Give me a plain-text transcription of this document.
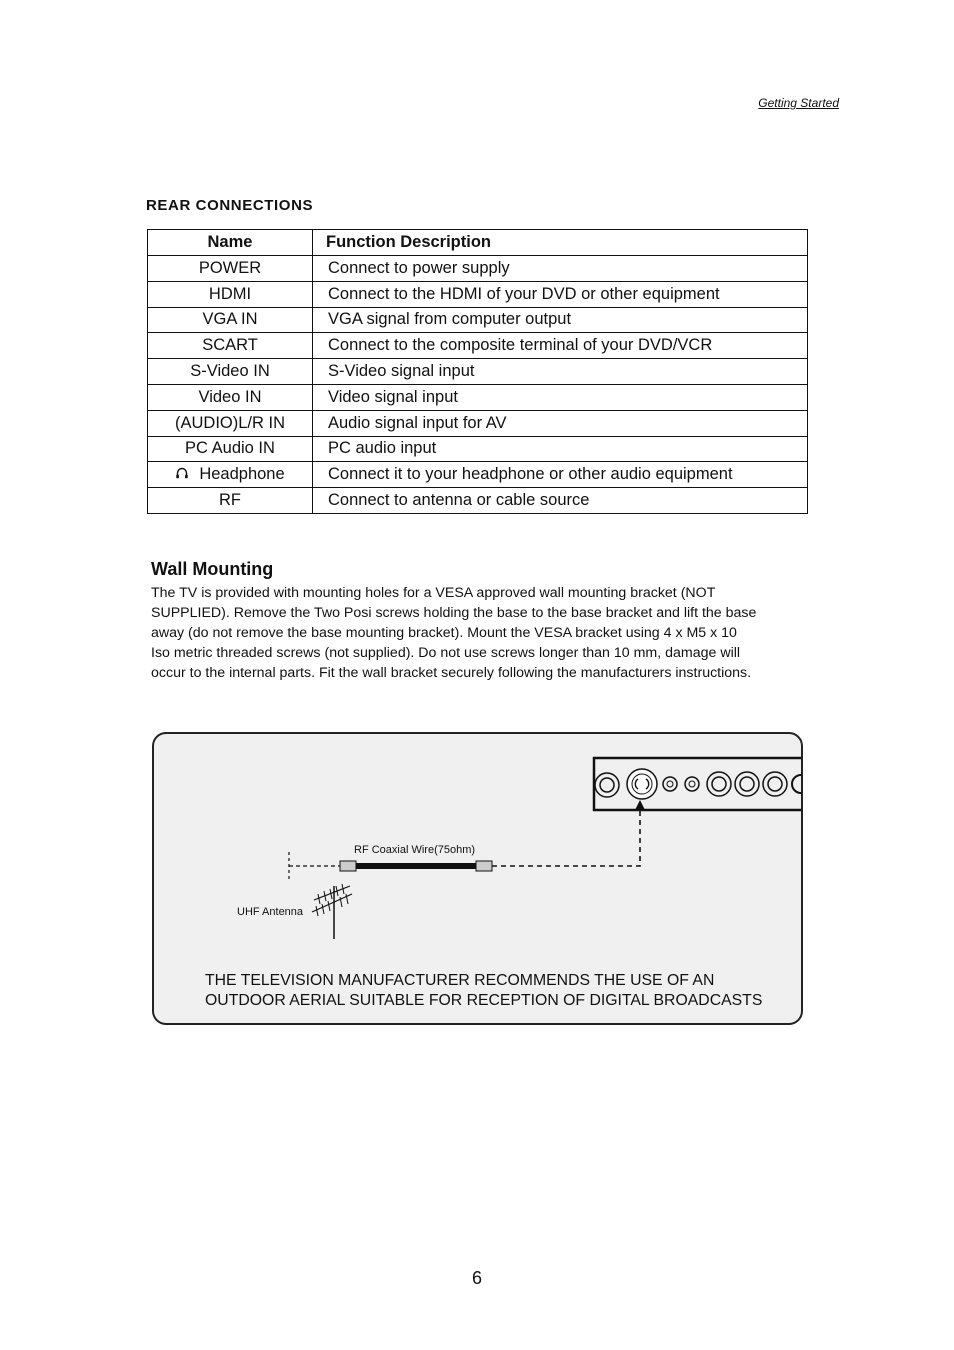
Getting Started
REAR CONNECTIONS
Name	Function Description
POWER	Connect to power supply
HDMI	Connect to the HDMI of your DVD or other equipment
VGA IN	VGA signal from computer output
SCART	Connect to the composite terminal of your DVD/VCR
S-Video IN	S-Video signal input
Video IN	Video signal input
(AUDIO)L/R IN	Audio signal input for AV
PC Audio IN	PC audio input
Headphone	Connect it to your headphone or other audio equipment
RF	Connect to antenna or cable source
Wall Mounting
The TV is provided with mounting holes for a VESA approved wall mounting bracket (NOT
SUPPLIED). Remove the Two Posi screws holding the base to the base bracket and lift the base
away (do not remove the base mounting bracket). Mount the VESA bracket using 4 x M5 x 10
Iso metric threaded screws (not supplied). Do not use screws longer than 10 mm, damage will
occur to the internal parts. Fit the wall bracket securely following the manufacturers instructions.
RF Coaxial Wire(75ohm)
UHF Antenna
THE TELEVISION MANUFACTURER RECOMMENDS THE USE OF AN
OUTDOOR AERIAL SUITABLE FOR RECEPTION OF DIGITAL BROADCASTS
6
